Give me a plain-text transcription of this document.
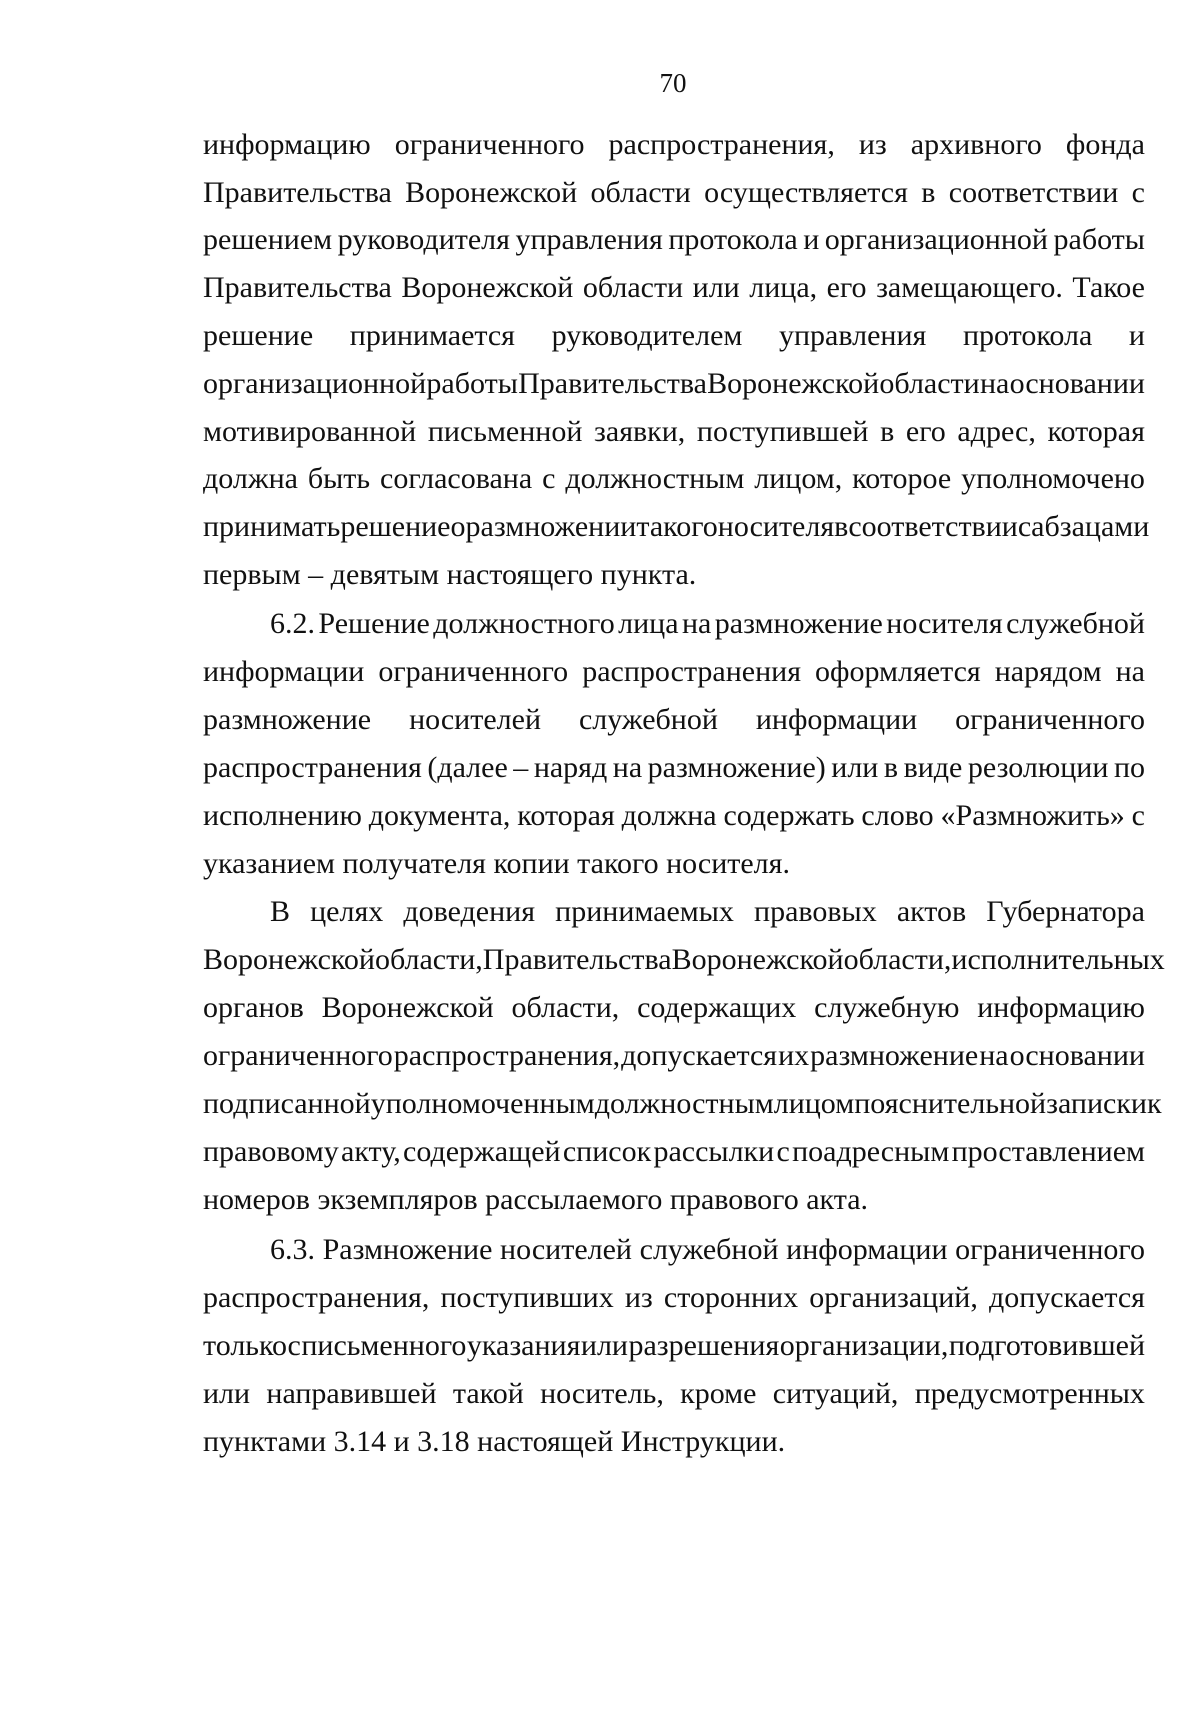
70
информацию ограниченного распространения, из архивного фонда
Правительства Воронежской области осуществляется в соответствии с
решением руководителя управления протокола и организационной работы
Правительства Воронежской области или лица, его замещающего. Такое
решение принимается руководителем управления протокола и
организационной работы Правительства Воронежской области на основании
мотивированной письменной заявки, поступившей в его адрес, которая
должна быть согласована с должностным лицом, которое уполномочено
принимать решение о размножении такого носителя в соответствии с абзацами
первым – девятым настоящего пункта.
6.2. Решение должностного лица на размножение носителя служебной
информации ограниченного распространения оформляется нарядом на
размножение носителей служебной информации ограниченного
распространения (далее – наряд на размножение) или в виде резолюции по
исполнению документа, которая должна содержать слово «Размножить» с
указанием получателя копии такого носителя.
В целях доведения принимаемых правовых актов Губернатора
Воронежской области, Правительства Воронежской области, исполнительных
органов Воронежской области, содержащих служебную информацию
ограниченного распространения, допускается их размножение на основании
подписанной уполномоченным должностным лицом пояснительной записки к
правовому акту, содержащей список рассылки с поадресным проставлением
номеров экземпляров рассылаемого правового акта.
6.3. Размножение носителей служебной информации ограниченного
распространения, поступивших из сторонних организаций, допускается
только с письменного указания или разрешения организации, подготовившей
или направившей такой носитель, кроме ситуаций, предусмотренных
пунктами 3.14 и 3.18 настоящей Инструкции.
